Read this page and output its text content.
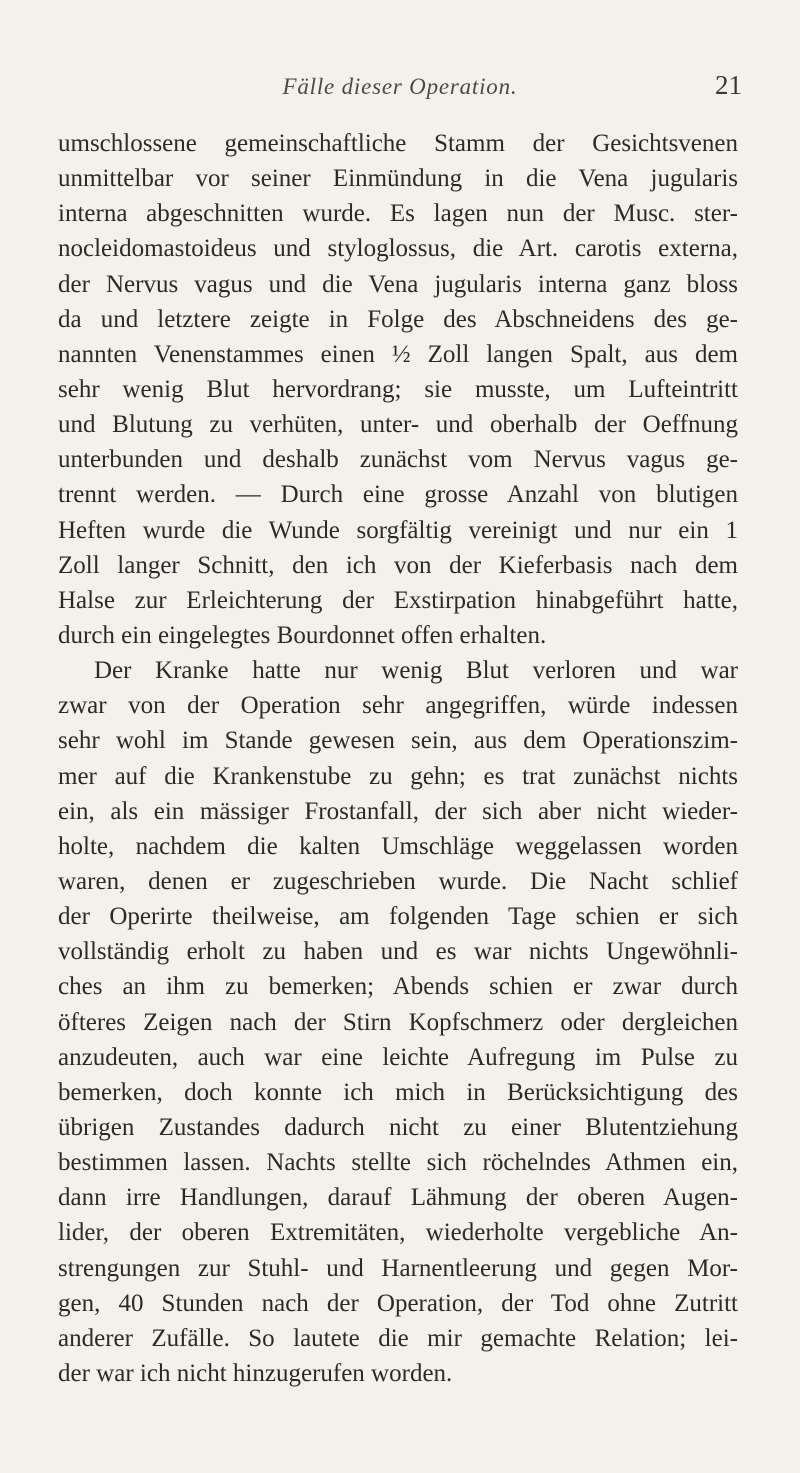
Fälle dieser Operation.	21
umschlossene gemeinschaftliche Stamm der Gesichtsvenen
unmittelbar vor seiner Einmündung in die Vena jugularis
interna abgeschnitten wurde. Es lagen nun der Musc. ster-
nocleidomastoideus und styloglossus, die Art. carotis externa,
der Nervus vagus und die Vena jugularis interna ganz bloss
da und letztere zeigte in Folge des Abschneidens des ge-
nannten Venenstammes einen ½ Zoll langen Spalt, aus dem
sehr wenig Blut hervordrang; sie musste, um Lufteintritt
und Blutung zu verhüten, unter- und oberhalb der Oeffnung
unterbunden und deshalb zunächst vom Nervus vagus ge-
trennt werden. — Durch eine grosse Anzahl von blutigen
Heften wurde die Wunde sorgfältig vereinigt und nur ein 1
Zoll langer Schnitt, den ich von der Kieferbasis nach dem
Halse zur Erleichterung der Exstirpation hinabgeführt hatte,
durch ein eingelegtes Bourdonnet offen erhalten.
Der Kranke hatte nur wenig Blut verloren und war
zwar von der Operation sehr angegriffen, würde indessen
sehr wohl im Stande gewesen sein, aus dem Operationszim-
mer auf die Krankenstube zu gehn; es trat zunächst nichts
ein, als ein mässiger Frostanfall, der sich aber nicht wieder-
holte, nachdem die kalten Umschläge weggelassen worden
waren, denen er zugeschrieben wurde. Die Nacht schlief
der Operirte theilweise, am folgenden Tage schien er sich
vollständig erholt zu haben und es war nichts Ungewöhnli-
ches an ihm zu bemerken; Abends schien er zwar durch
öfteres Zeigen nach der Stirn Kopfschmerz oder dergleichen
anzudeuten, auch war eine leichte Aufregung im Pulse zu
bemerken, doch konnte ich mich in Berücksichtigung des
übrigen Zustandes dadurch nicht zu einer Blutentziehung
bestimmen lassen. Nachts stellte sich röchelndes Athmen ein,
dann irre Handlungen, darauf Lähmung der oberen Augen-
lider, der oberen Extremitäten, wiederholte vergebliche An-
strengungen zur Stuhl- und Harnentleerung und gegen Mor-
gen, 40 Stunden nach der Operation, der Tod ohne Zutritt
anderer Zufälle. So lautete die mir gemachte Relation; lei-
der war ich nicht hinzugerufen worden.
